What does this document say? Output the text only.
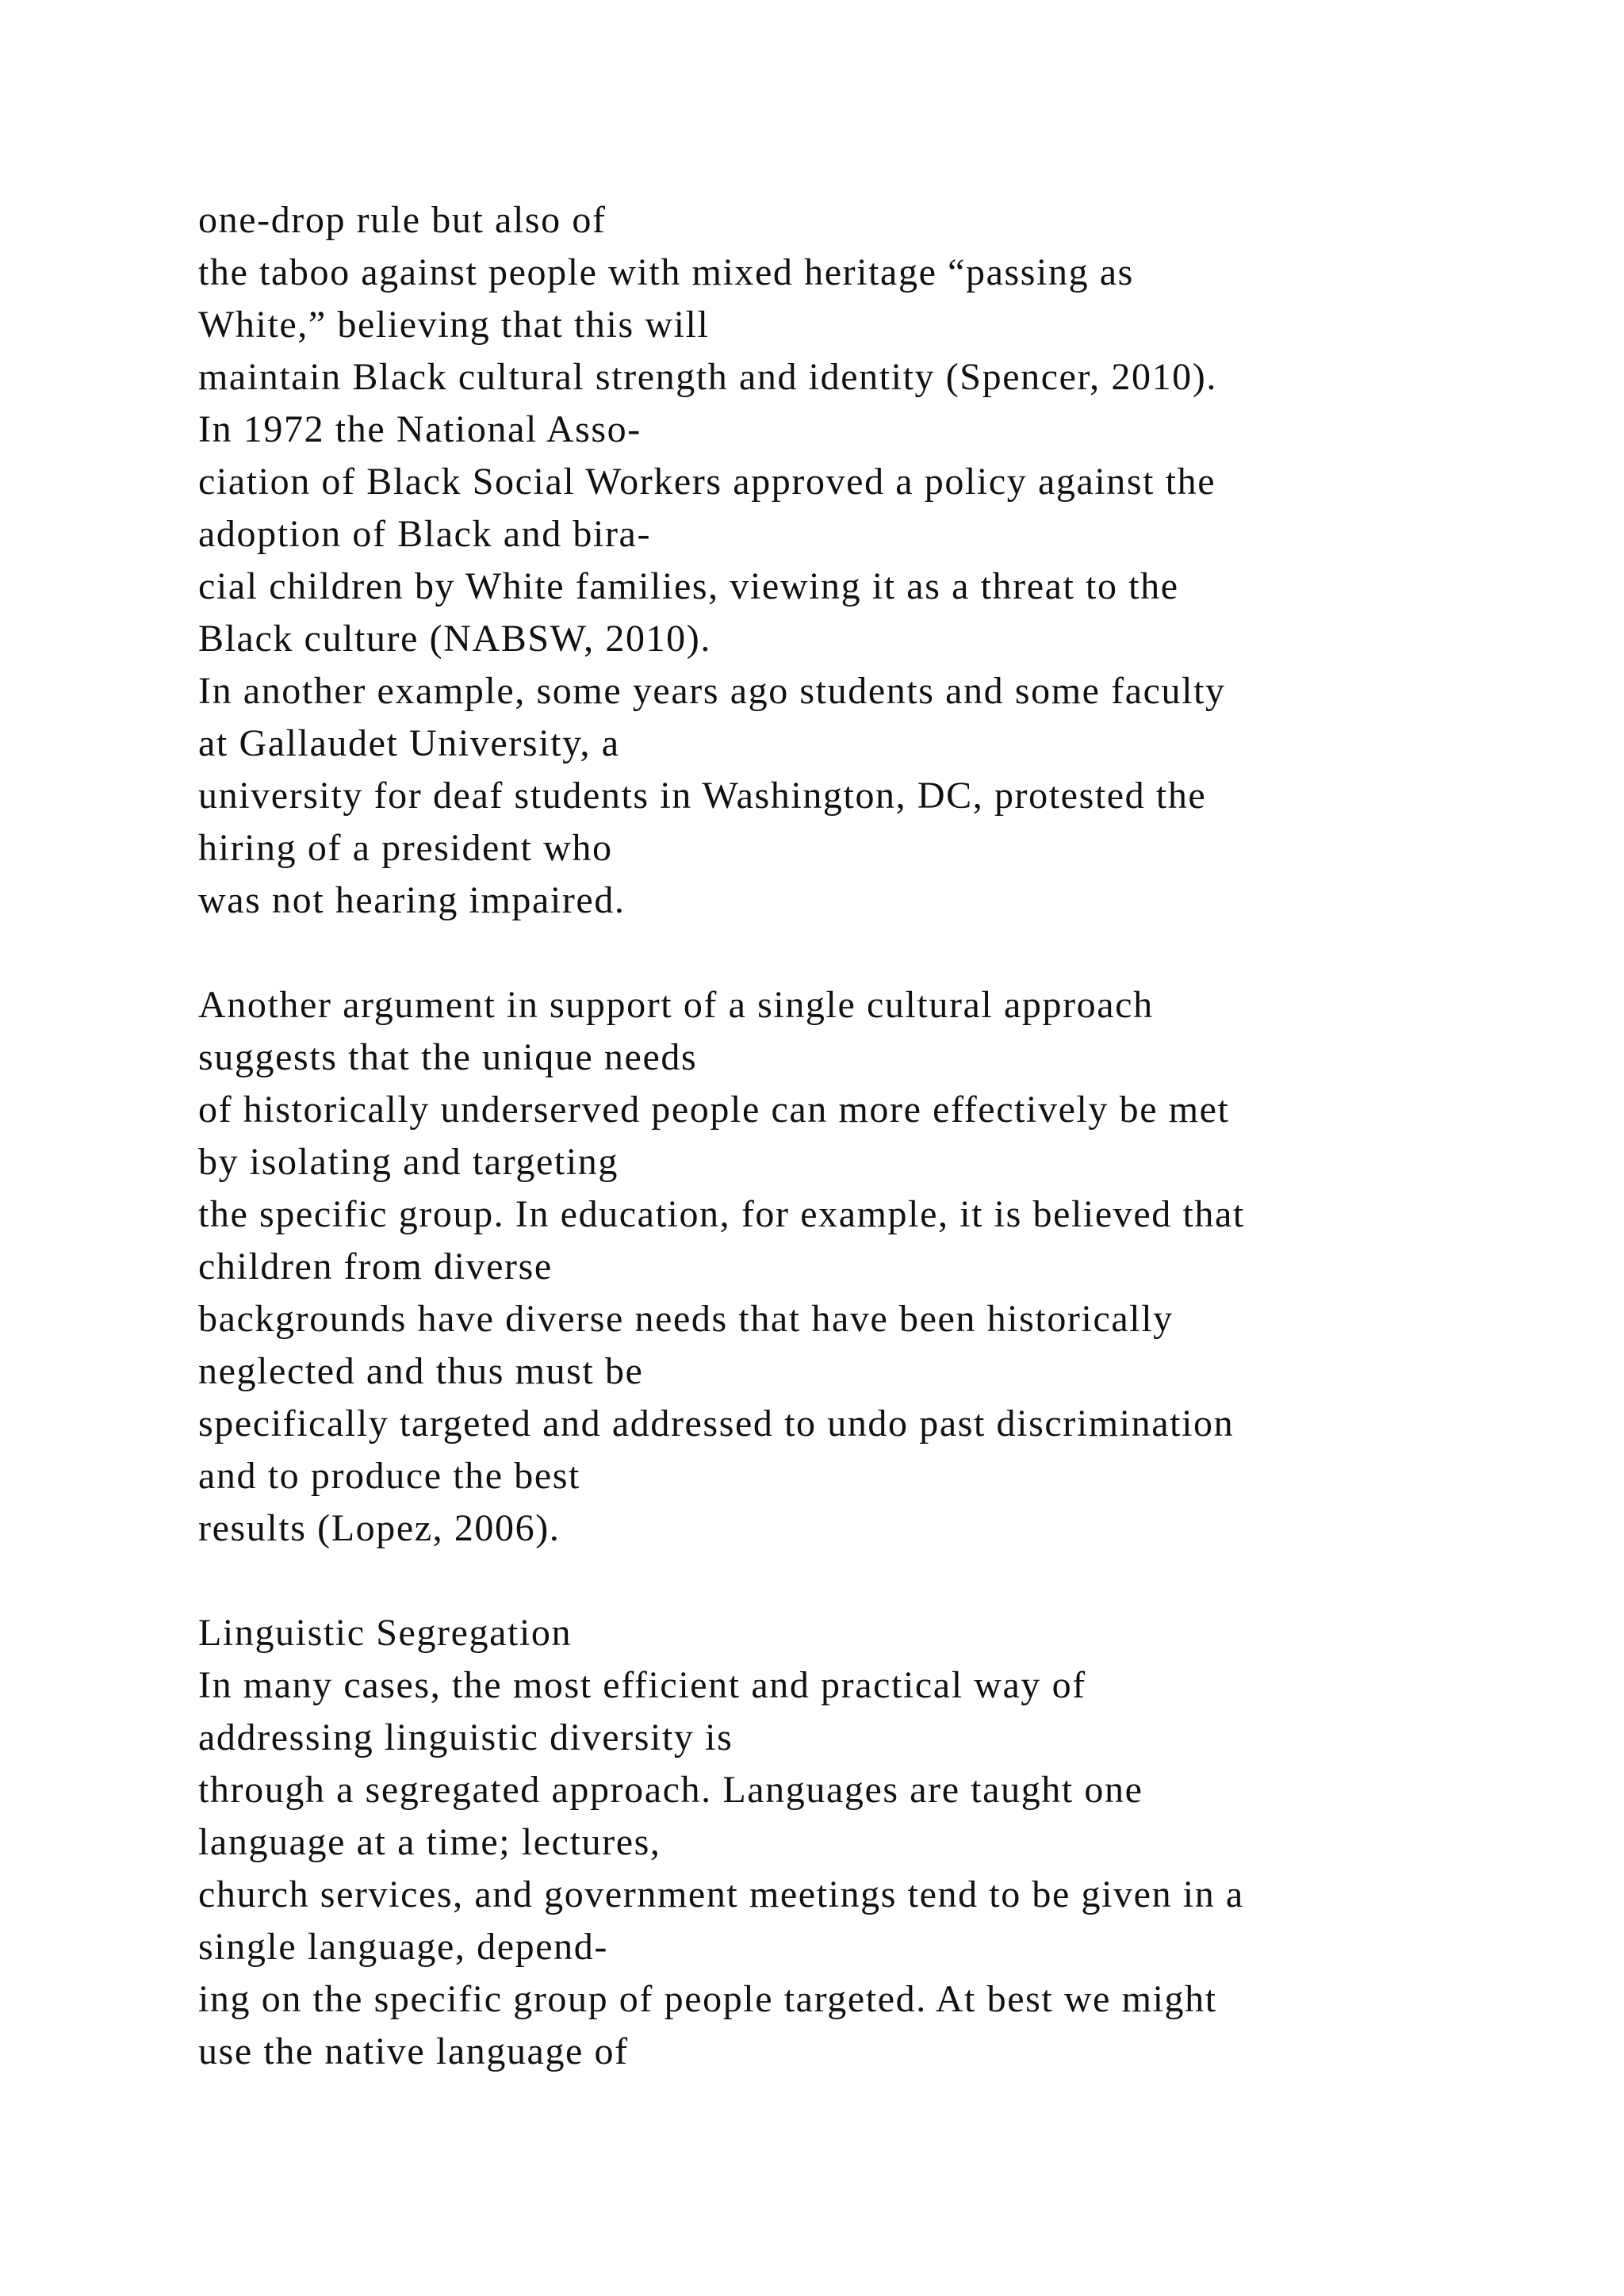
one-drop rule but also of
the taboo against people with mixed heritage “passing as
White,” believing that this will
maintain Black cultural strength and identity (Spencer, 2010).
In 1972 the National Asso-
ciation of Black Social Workers approved a policy against the
adoption of Black and bira-
cial children by White families, viewing it as a threat to the
Black culture (NABSW, 2010).
In another example, some years ago students and some faculty
at Gallaudet University, a
university for deaf students in Washington, DC, protested the
hiring of a president who
was not hearing impaired.
Another argument in support of a single cultural approach
suggests that the unique needs
of historically underserved people can more effectively be met
by isolating and targeting
the specific group. In education, for example, it is believed that
children from diverse
backgrounds have diverse needs that have been historically
neglected and thus must be
specifically targeted and addressed to undo past discrimination
and to produce the best
results (Lopez, 2006).
Linguistic Segregation
In many cases, the most efficient and practical way of
addressing linguistic diversity is
through a segregated approach. Languages are taught one
language at a time; lectures,
church services, and government meetings tend to be given in a
single language, depend-
ing on the specific group of people targeted. At best we might
use the native language of
